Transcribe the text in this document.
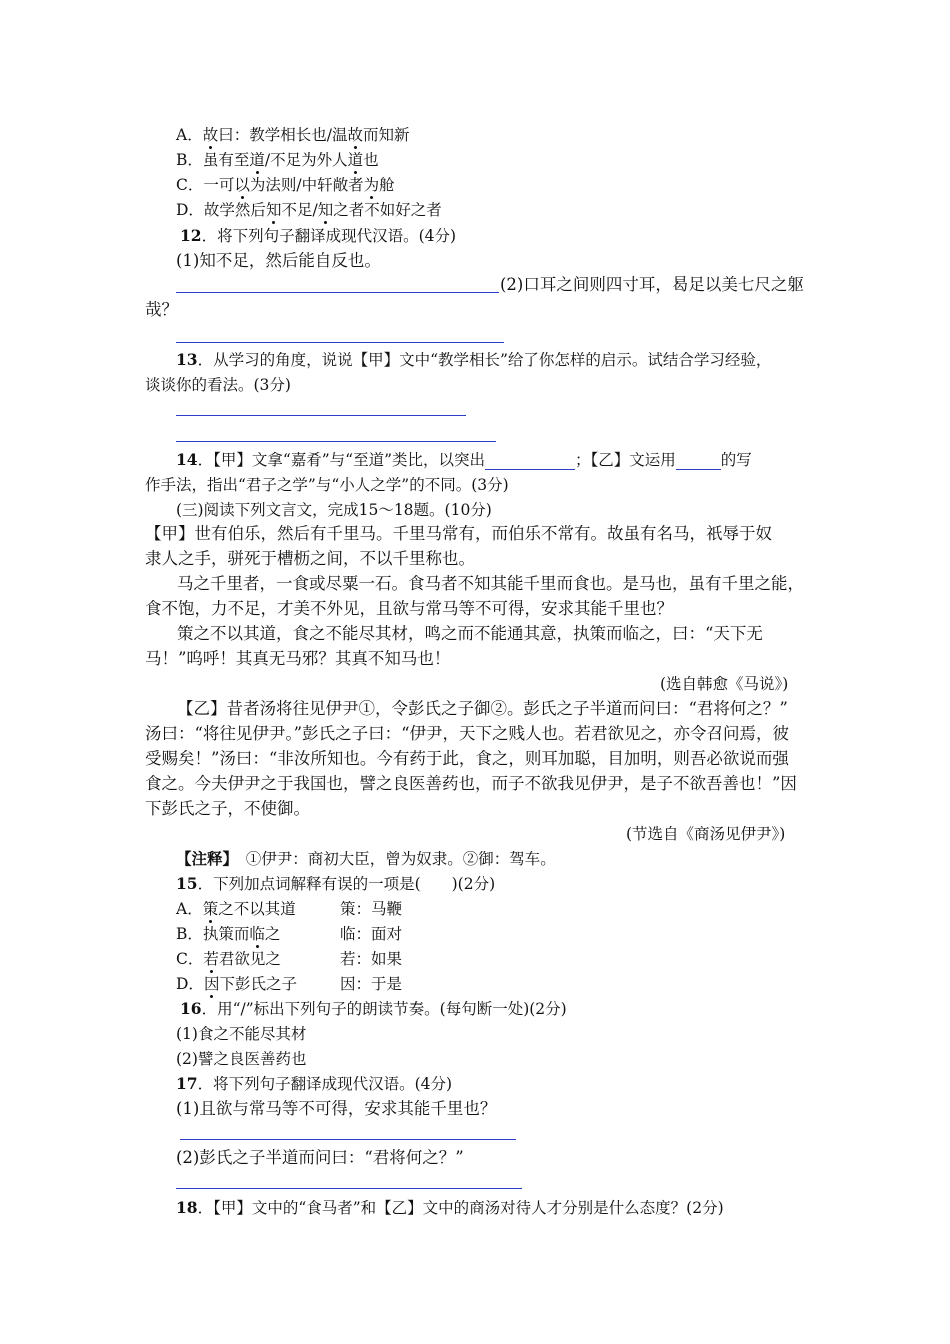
A．故曰：教学相长也/温故而知新
B．虽有至道/不足为外人道也
C．一可以为法则/中轩敞者为舱
D．故学然后知不足/知之者不如好之者
12．将下列句子翻译成现代汉语。(4分)
(1)知不足，然后能自反也。
(2)口耳之间则四寸耳，曷足以美七尺之躯
哉？
13．从学习的角度，说说【甲】文中“教学相长”给了你怎样的启示。试结合学习经验，
谈谈你的看法。(3分)
14．【甲】文拿“嘉肴”与“至道”类比，以突出	；【乙】文运用	的写
作手法，指出“君子之学”与“小人之学”的不同。(3分)
(三)阅读下列文言文，完成15～18题。(10分)
【甲】世有伯乐，然后有千里马。千里马常有，而伯乐不常有。故虽有名马，祇辱于奴
隶人之手，骈死于槽枥之间，不以千里称也。
马之千里者，一食或尽粟一石。食马者不知其能千里而食也。是马也，虽有千里之能，
食不饱，力不足，才美不外见，且欲与常马等不可得，安求其能千里也？
策之不以其道，食之不能尽其材，鸣之而不能通其意，执策而临之，曰：“天下无
马！”呜呼！其真无马邪？其真不知马也！
(选自韩愈《马说》)
【乙】昔者汤将往见伊尹①，令彭氏之子御②。彭氏之子半道而问曰：“君将何之？”
汤曰：“将往见伊尹。”彭氏之子曰：“伊尹，天下之贱人也。若君欲见之，亦令召问焉，彼
受赐矣！”汤曰：“非汝所知也。今有药于此，食之，则耳加聪，目加明，则吾必欲说而强
食之。今夫伊尹之于我国也，譬之良医善药也，而子不欲我见伊尹，是子不欲吾善也！”因
下彭氏之子，不使御。
(节选自《商汤见伊尹》)
【注释】　①伊尹：商初大臣，曾为奴隶。②御：驾车。
15．下列加点词解释有误的一项是(　　)(2分)
A．策之不以其道	策：马鞭
B．执策而临之	临：面对
C．若君欲见之	若：如果
D．因下彭氏之子	因：于是
16．用“/”标出下列句子的朗读节奏。(每句断一处)(2分)
(1)食之不能尽其材
(2)譬之良医善药也
17．将下列句子翻译成现代汉语。(4分)
(1)且欲与常马等不可得，安求其能千里也？
(2)彭氏之子半道而问曰：“君将何之？”
18．【甲】文中的“食马者”和【乙】文中的商汤对待人才分别是什么态度？(2分)
